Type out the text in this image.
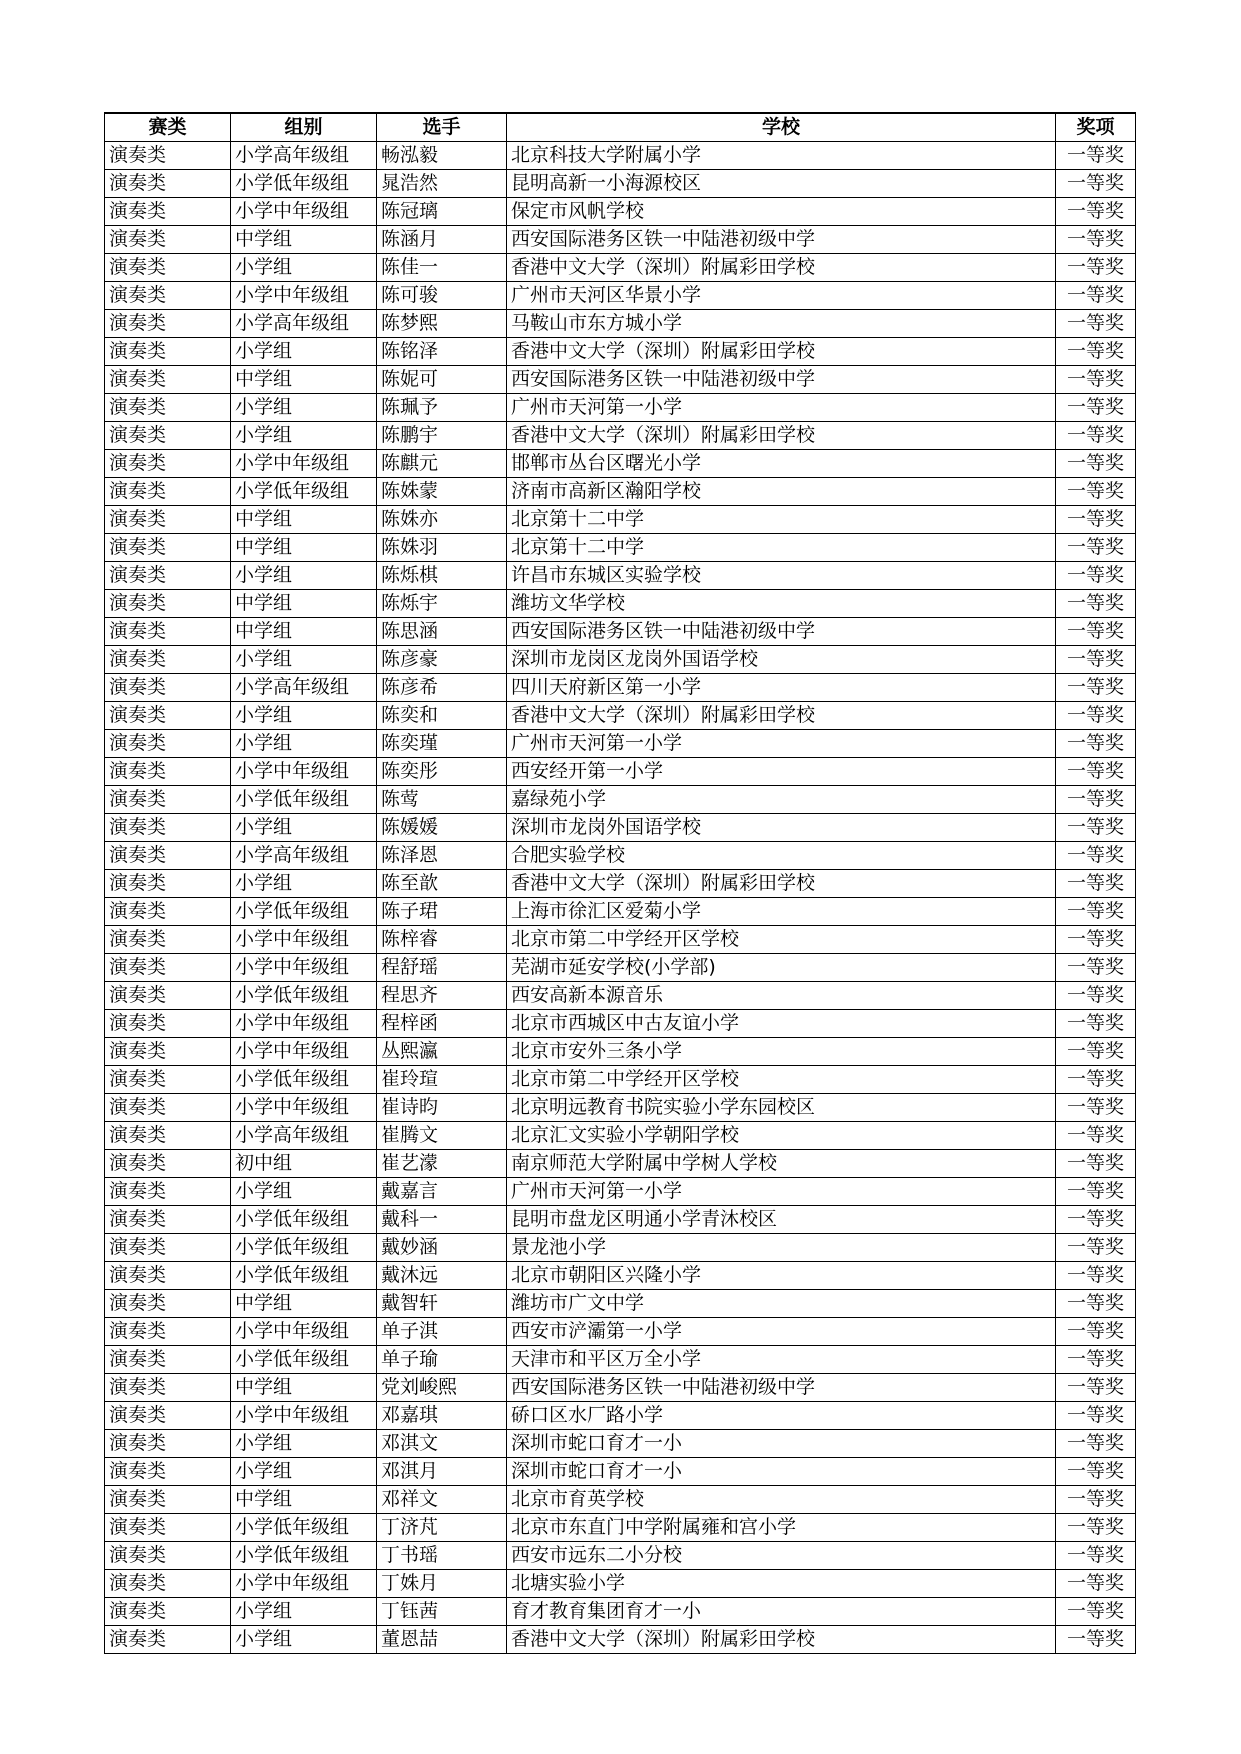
赛类	组别	选手	学校	奖项
演奏类	小学高年级组	畅泓毅	北京科技大学附属小学	一等奖
演奏类	小学低年级组	晁浩然	昆明高新一小海源校区	一等奖
演奏类	小学中年级组	陈冠璃	保定市风帆学校	一等奖
演奏类	中学组	陈涵月	西安国际港务区铁一中陆港初级中学	一等奖
演奏类	小学组	陈佳一	香港中文大学（深圳）附属彩田学校	一等奖
演奏类	小学中年级组	陈可骏	广州市天河区华景小学	一等奖
演奏类	小学高年级组	陈梦熙	马鞍山市东方城小学	一等奖
演奏类	小学组	陈铭泽	香港中文大学（深圳）附属彩田学校	一等奖
演奏类	中学组	陈妮可	西安国际港务区铁一中陆港初级中学	一等奖
演奏类	小学组	陈珮予	广州市天河第一小学	一等奖
演奏类	小学组	陈鹏宇	香港中文大学（深圳）附属彩田学校	一等奖
演奏类	小学中年级组	陈麒元	邯郸市丛台区曙光小学	一等奖
演奏类	小学低年级组	陈姝蒙	济南市高新区瀚阳学校	一等奖
演奏类	中学组	陈姝亦	北京第十二中学	一等奖
演奏类	中学组	陈姝羽	北京第十二中学	一等奖
演奏类	小学组	陈烁棋	许昌市东城区实验学校	一等奖
演奏类	中学组	陈烁宇	潍坊文华学校	一等奖
演奏类	中学组	陈思涵	西安国际港务区铁一中陆港初级中学	一等奖
演奏类	小学组	陈彦豪	深圳市龙岗区龙岗外国语学校	一等奖
演奏类	小学高年级组	陈彦希	四川天府新区第一小学	一等奖
演奏类	小学组	陈奕和	香港中文大学（深圳）附属彩田学校	一等奖
演奏类	小学组	陈奕瑾	广州市天河第一小学	一等奖
演奏类	小学中年级组	陈奕彤	西安经开第一小学	一等奖
演奏类	小学低年级组	陈莺	嘉绿苑小学	一等奖
演奏类	小学组	陈媛媛	深圳市龙岗外国语学校	一等奖
演奏类	小学高年级组	陈泽恩	合肥实验学校	一等奖
演奏类	小学组	陈至歆	香港中文大学（深圳）附属彩田学校	一等奖
演奏类	小学低年级组	陈子珺	上海市徐汇区爱菊小学	一等奖
演奏类	小学中年级组	陈梓睿	北京市第二中学经开区学校	一等奖
演奏类	小学中年级组	程舒瑶	芜湖市延安学校(小学部)	一等奖
演奏类	小学低年级组	程思齐	西安高新本源音乐	一等奖
演奏类	小学中年级组	程梓函	北京市西城区中古友谊小学	一等奖
演奏类	小学中年级组	丛熙瀛	北京市安外三条小学	一等奖
演奏类	小学低年级组	崔玲瑄	北京市第二中学经开区学校	一等奖
演奏类	小学中年级组	崔诗昀	北京明远教育书院实验小学东园校区	一等奖
演奏类	小学高年级组	崔腾文	北京汇文实验小学朝阳学校	一等奖
演奏类	初中组	崔艺濛	南京师范大学附属中学树人学校	一等奖
演奏类	小学组	戴嘉言	广州市天河第一小学	一等奖
演奏类	小学低年级组	戴科一	昆明市盘龙区明通小学青沐校区	一等奖
演奏类	小学低年级组	戴妙涵	景龙池小学	一等奖
演奏类	小学低年级组	戴沐远	北京市朝阳区兴隆小学	一等奖
演奏类	中学组	戴智轩	潍坊市广文中学	一等奖
演奏类	小学中年级组	单子淇	西安市浐灞第一小学	一等奖
演奏类	小学低年级组	单子瑜	天津市和平区万全小学	一等奖
演奏类	中学组	党刘峻熙	西安国际港务区铁一中陆港初级中学	一等奖
演奏类	小学中年级组	邓嘉琪	硚口区水厂路小学	一等奖
演奏类	小学组	邓淇文	深圳市蛇口育才一小	一等奖
演奏类	小学组	邓淇月	深圳市蛇口育才一小	一等奖
演奏类	中学组	邓祥文	北京市育英学校	一等奖
演奏类	小学低年级组	丁济芃	北京市东直门中学附属雍和宫小学	一等奖
演奏类	小学低年级组	丁书瑶	西安市远东二小分校	一等奖
演奏类	小学中年级组	丁姝月	北塘实验小学	一等奖
演奏类	小学组	丁钰茜	育才教育集团育才一小	一等奖
演奏类	小学组	董恩喆	香港中文大学（深圳）附属彩田学校	一等奖
